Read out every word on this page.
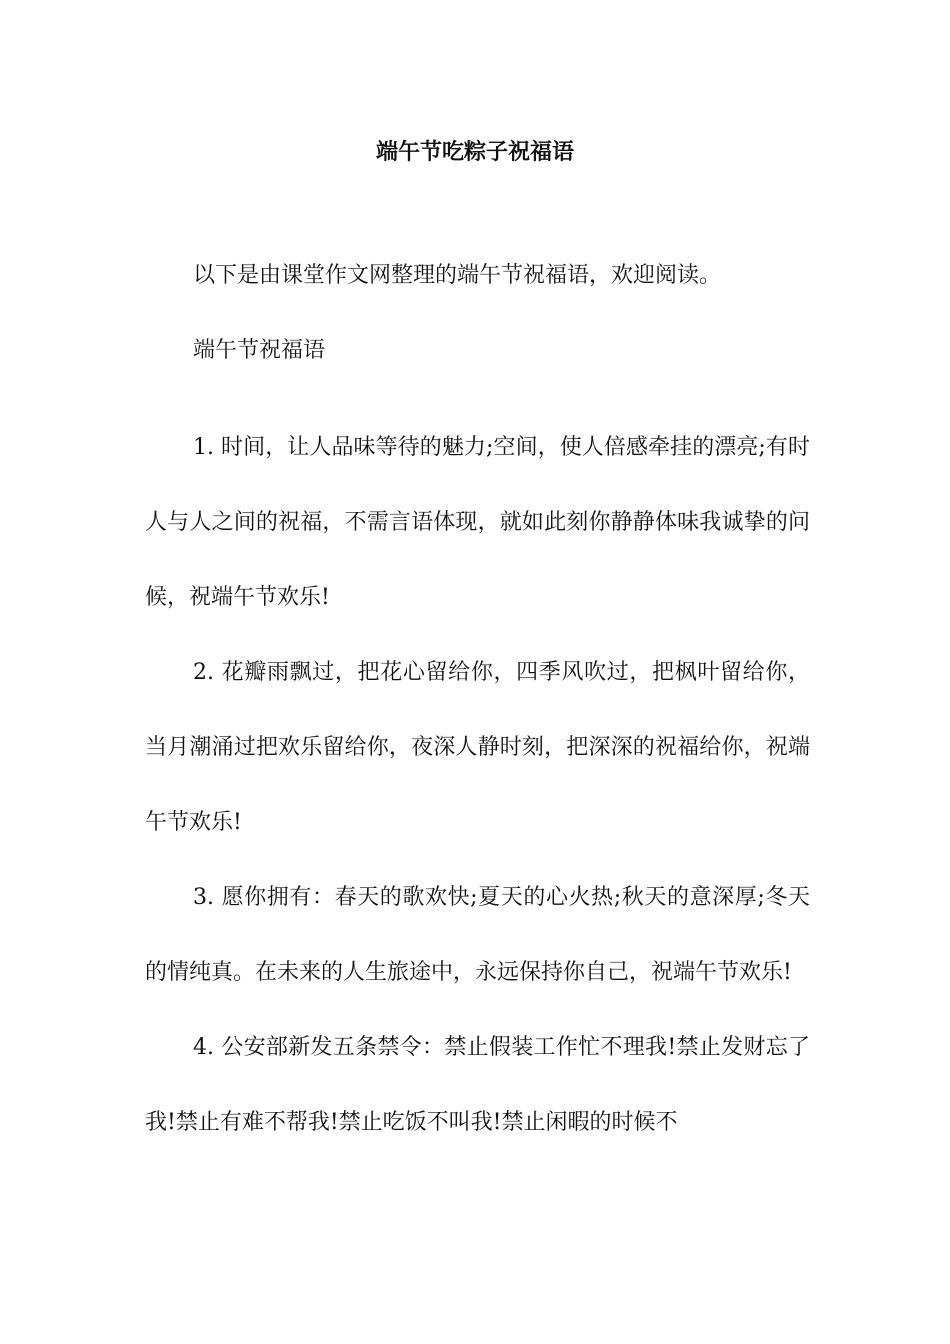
端午节吃粽子祝福语

以下是由课堂作文网整理的端午节祝福语，欢迎阅读。

端午节祝福语

1. 时间，让人品味等待的魅力;空间，使人倍感牵挂的漂亮;有时人与人之间的祝福，不需言语体现，就如此刻你静静体味我诚挚的问候，祝端午节欢乐!

2. 花瓣雨飘过，把花心留给你，四季风吹过，把枫叶留给你，当月潮涌过把欢乐留给你，夜深人静时刻，把深深的祝福给你，祝端午节欢乐!

3. 愿你拥有：春天的歌欢快;夏天的心火热;秋天的意深厚;冬天的情纯真。在未来的人生旅途中，永远保持你自己，祝端午节欢乐!

4. 公安部新发五条禁令：禁止假装工作忙不理我!禁止发财忘了我!禁止有难不帮我!禁止吃饭不叫我!禁止闲暇的时候不
